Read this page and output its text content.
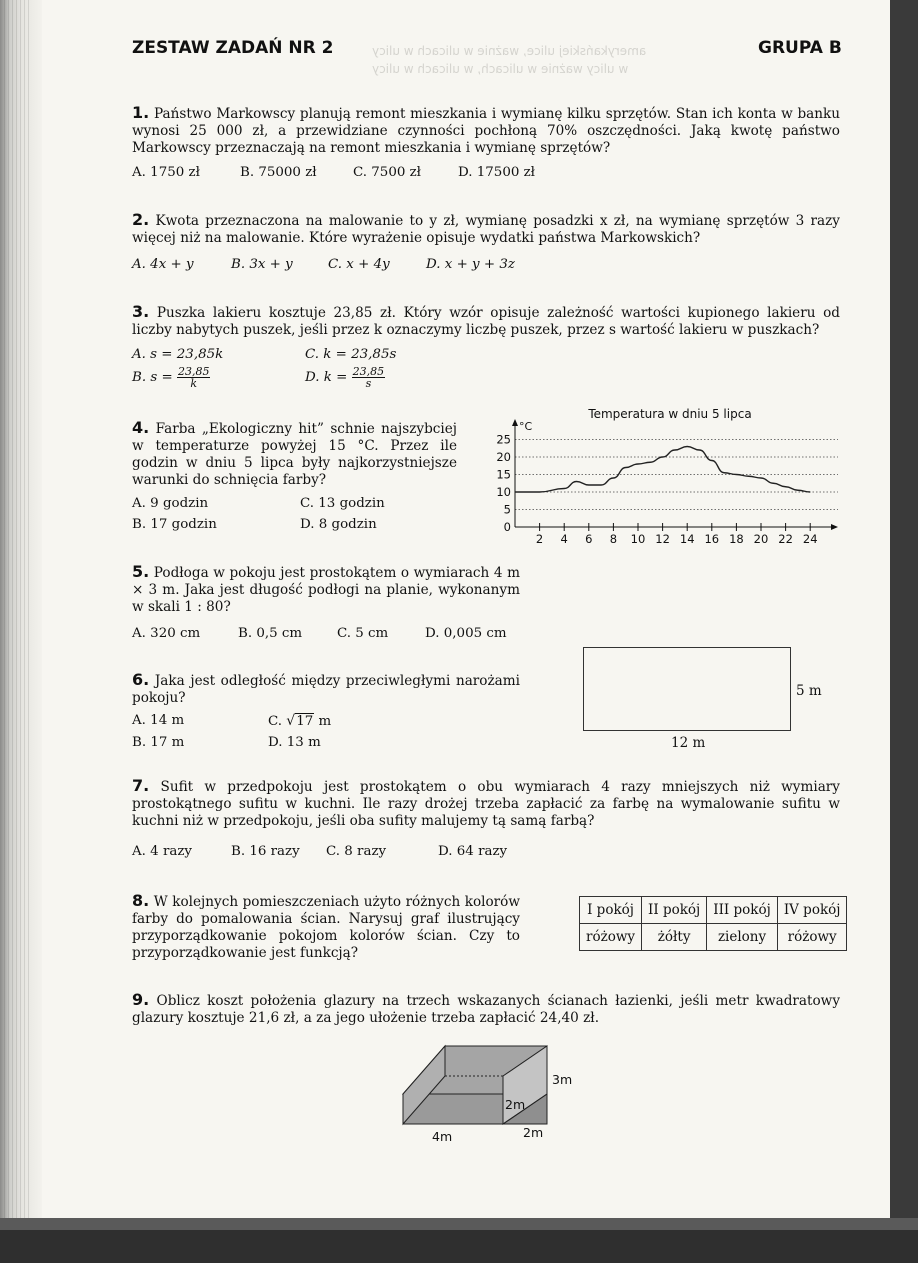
amerykańskiej ulice, ważnie w ulicach w ulicy
w ulicy ważnie w ulicach, w ulicach w ulicy
ZESTAW ZADAŃ NR 2	GRUPA B
1. Państwo Markowscy planują remont mieszkania i wymianę kilku sprzętów. Stan ich konta w banku wynosi 25 000 zł, a przewidziane czynności pochłoną 70% oszczędności. Jaką kwotę państwo Markowscy przeznaczają na remont mieszkania i wymianę sprzętów?
A. 1750 zł	B. 75000 zł	C. 7500 zł	D. 17500 zł
2. Kwota przeznaczona na malowanie to y zł, wymianę posadzki x zł, na wymianę sprzętów 3 razy więcej niż na malowanie. Które wyrażenie opisuje wydatki państwa Markowskich?
A. 4x + y	B. 3x + y	C. x + 4y	D. x + y + 3z
3. Puszka lakieru kosztuje 23,85 zł. Który wzór opisuje zależność wartości kupionego lakieru od liczby nabytych puszek, jeśli przez k oznaczymy liczbę puszek, przez s wartość lakieru w puszkach?
A. s = 23,85k	C. k = 23,85s
B. $s = \frac{23,85}{k}$	D. $k = \frac{23,85}{s}$
4. Farba „Ekologiczny hit” schnie najszybciej w temperaturze powyżej 15 °C. Przez ile godzin w dniu 5 lipca były najkorzystniejsze warunki do schnięcia farby?
A. 9 godzin	C. 13 godzin
B. 17 godzin	D. 8 godzin
Temperatura w dniu 5 lipca
0
5
10
15
20
25
°C
2 4 6 8 10 12 14 16 18 20 22 24
5. Podłoga w pokoju jest prostokątem o wymiarach 4 m × 3 m. Jaka jest długość podłogi na planie, wykonanym w skali 1 : 80?
A. 320 cm	B. 0,5 cm	C. 5 cm	D. 0,005 cm
6. Jaka jest odległość między przeciwległymi narożami pokoju?
A. 14 m	C. √17 m
B. 17 m	D. 13 m
5 m
12 m
7. Sufit w przedpokoju jest prostokątem o obu wymiarach 4 razy mniejszych niż wymiary prostokątnego sufitu w kuchni. Ile razy drożej trzeba zapłacić za farbę na wymalowanie sufitu w kuchni niż w przedpokoju, jeśli oba sufity malujemy tą samą farbą?
A. 4 razy	B. 16 razy C. 8 razy	D. 64 razy
8. W kolejnych pomieszczeniach użyto różnych kolorów farby do pomalowania ścian. Narysuj graf ilustrujący przyporządkowanie pokojom kolorów ścian. Czy to przyporządkowanie jest funkcją?
I pokój	II pokój	III pokój	IV pokój
różowy	żółty	zielony	różowy
9. Oblicz koszt położenia glazury na trzech wskazanych ścianach łazienki, jeśli metr kwadratowy glazury kosztuje 21,6 zł, a za jego ułożenie trzeba zapłacić 24,40 zł.
3m
2m
2m
4m
